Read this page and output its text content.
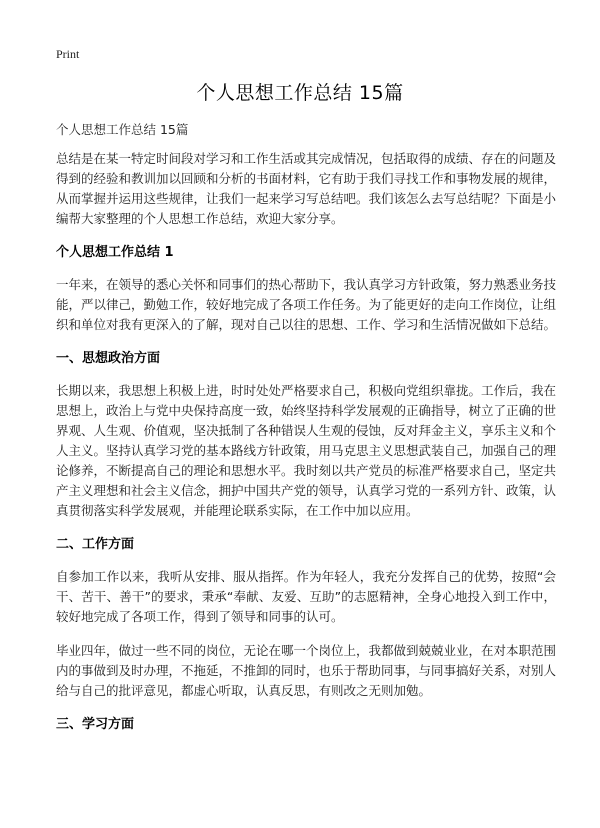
Print
个人思想工作总结 15篇

个人思想工作总结 15篇

总结是在某一特定时间段对学习和工作生活或其完成情况，包括取得的成绩、存在的问题及得到的经验和教训加以回顾和分析的书面材料，它有助于我们寻找工作和事物发展的规律，从而掌握并运用这些规律，让我们一起来学习写总结吧。我们该怎么去写总结呢？下面是小编帮大家整理的个人思想工作总结，欢迎大家分享。

个人思想工作总结 1

一年来，在领导的悉心关怀和同事们的热心帮助下，我认真学习方针政策，努力熟悉业务技能，严以律己，勤勉工作，较好地完成了各项工作任务。为了能更好的走向工作岗位，让组织和单位对我有更深入的了解，现对自己以往的思想、工作、学习和生活情况做如下总结。

一、思想政治方面

长期以来，我思想上积极上进，时时处处严格要求自己，积极向党组织靠拢。工作后，我在思想上，政治上与党中央保持高度一致，始终坚持科学发展观的正确指导，树立了正确的世界观、人生观、价值观，坚决抵制了各种错误人生观的侵蚀，反对拜金主义，享乐主义和个人主义。坚持认真学习党的基本路线方针政策，用马克思主义思想武装自己，加强自己的理论修养，不断提高自己的理论和思想水平。我时刻以共产党员的标准严格要求自己，坚定共产主义理想和社会主义信念，拥护中国共产党的领导，认真学习党的一系列方针、政策，认真贯彻落实科学发展观，并能理论联系实际，在工作中加以应用。

二、工作方面

自参加工作以来，我听从安排、服从指挥。作为年轻人，我充分发挥自己的优势，按照“会干、苦干、善干”的要求，秉承“奉献、友爱、互助”的志愿精神，全身心地投入到工作中，较好地完成了各项工作，得到了领导和同事的认可。

毕业四年，做过一些不同的岗位，无论在哪一个岗位上，我都做到兢兢业业，在对本职范围内的事做到及时办理，不拖延，不推卸的同时，也乐于帮助同事，与同事搞好关系，对别人给与自己的批评意见，都虚心听取，认真反思，有则改之无则加勉。

三、学习方面
